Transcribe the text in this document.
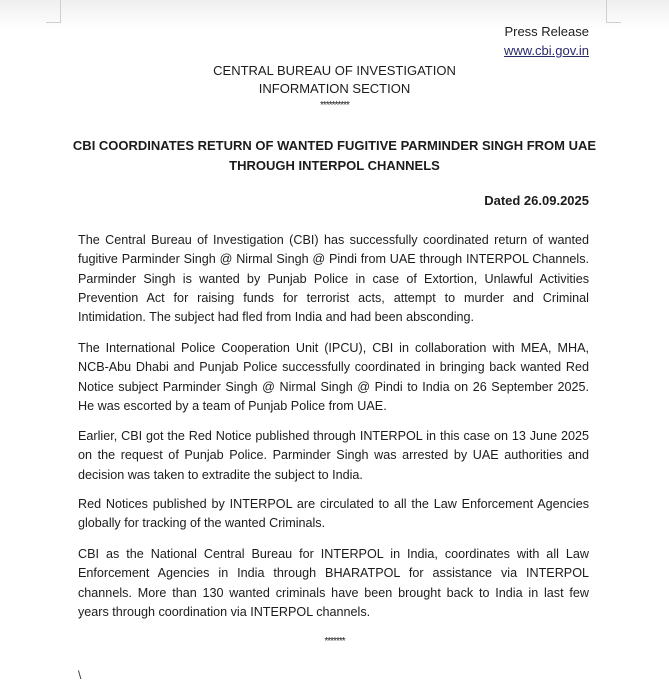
Press Release
www.cbi.gov.in
CENTRAL BUREAU OF INVESTIGATION
INFORMATION SECTION
**********
CBI COORDINATES RETURN OF WANTED FUGITIVE PARMINDER SINGH FROM UAE
THROUGH INTERPOL CHANNELS
Dated 26.09.2025

The Central Bureau of Investigation (CBI) has successfully coordinated return of wanted fugitive Parminder Singh @ Nirmal Singh @ Pindi from UAE through INTERPOL Channels. Parminder Singh is wanted by Punjab Police in case of Extortion, Unlawful Activities Prevention Act for raising funds for terrorist acts, attempt to murder and Criminal Intimidation. The subject had fled from India and had been absconding.

The International Police Cooperation Unit (IPCU), CBI in collaboration with MEA, MHA, NCB-Abu Dhabi and Punjab Police successfully coordinated in bringing back wanted Red Notice subject Parminder Singh @ Nirmal Singh @ Pindi to India on 26 September 2025. He was escorted by a team of Punjab Police from UAE.

Earlier, CBI got the Red Notice published through INTERPOL in this case on 13 June 2025 on the request of Punjab Police. Parminder Singh was arrested by UAE authorities and decision was taken to extradite the subject to India.

Red Notices published by INTERPOL are circulated to all the Law Enforcement Agencies globally for tracking of the wanted Criminals.

CBI as the National Central Bureau for INTERPOL in India, coordinates with all Law Enforcement Agencies in India through BHARATPOL for assistance via INTERPOL channels. More than 130 wanted criminals have been brought back to India in last few years through coordination via INTERPOL channels.

*******
\
